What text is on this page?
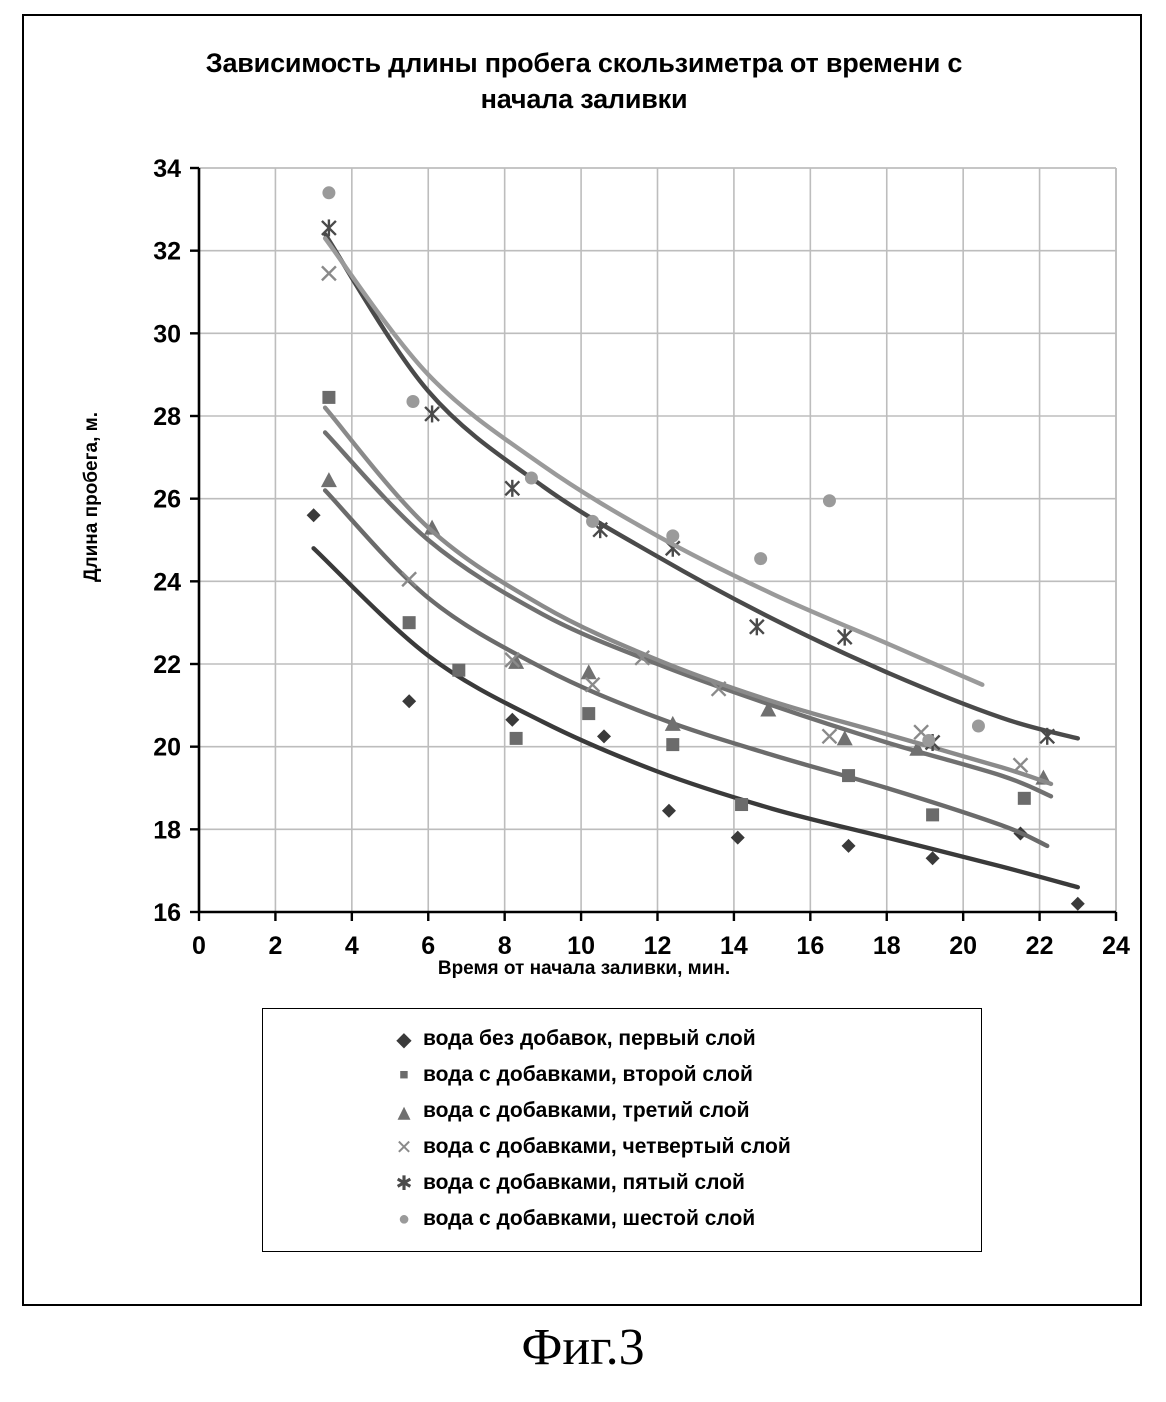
Зависимость длины пробега скользиметра от времени с начала заливки
0	2	4	6	8 10 12 14 16 18 20 22 24
16
18
20
22
24
26
28
30
32
34
Длина пробега, м.
Время от начала заливки, мин.
◆ вода без добавок, первый слой
▪ вода с добавками, второй слой
▴ вода с добавками, третий слой
✕ вода с добавками, четвертый слой
✱ вода с добавками, пятый слой
● вода с добавками, шестой слой
Фиг.3
